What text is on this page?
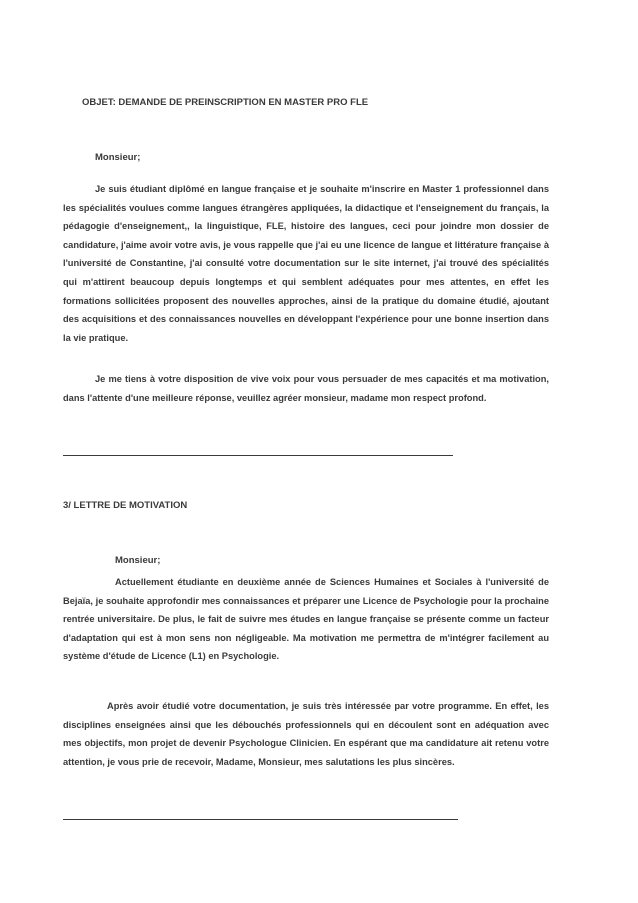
OBJET: DEMANDE DE PREINSCRIPTION EN MASTER PRO FLE
Monsieur;

Je suis étudiant diplômé en langue française et je souhaite m'inscrire en Master 1 professionnel dans les spécialités voulues comme langues étrangères appliquées, la didactique et l'enseignement du français, la pédagogie d'enseignement,, la linguistique, FLE, histoire des langues, ceci pour joindre mon dossier de candidature, j'aime avoir votre avis, je vous rappelle que j'ai eu une licence de langue et littérature française à l'université de Constantine, j'ai consulté votre documentation sur le site internet, j'ai trouvé des spécialités qui m'attirent beaucoup depuis longtemps et qui semblent adéquates pour mes attentes, en effet les formations sollicitées proposent des nouvelles approches, ainsi de la pratique du domaine étudié, ajoutant des acquisitions et des connaissances nouvelles en développant l'expérience pour une bonne insertion dans la vie pratique.

Je me tiens à votre disposition de vive voix pour vous persuader de mes capacités et ma motivation, dans l'attente d'une meilleure réponse, veuillez agréer monsieur, madame mon respect profond.

3/ LETTRE DE MOTIVATION
Monsieur;

Actuellement étudiante en deuxième année de Sciences Humaines et Sociales à l'université de Bejaïa, je souhaite approfondir mes connaissances et préparer une Licence de Psychologie pour la prochaine rentrée universitaire. De plus, le fait de suivre mes études en langue française se présente comme un facteur d'adaptation qui est à mon sens non négligeable. Ma motivation me permettra de m'intégrer facilement au système d'étude de Licence (L1) en Psychologie.

Après avoir étudié votre documentation, je suis très intéressée par votre programme. En effet, les disciplines enseignées ainsi que les débouchés professionnels qui en découlent sont en adéquation avec mes objectifs, mon projet de devenir Psychologue Clinicien. En espérant que ma candidature ait retenu votre attention, je vous prie de recevoir, Madame, Monsieur, mes salutations les plus sincères.
